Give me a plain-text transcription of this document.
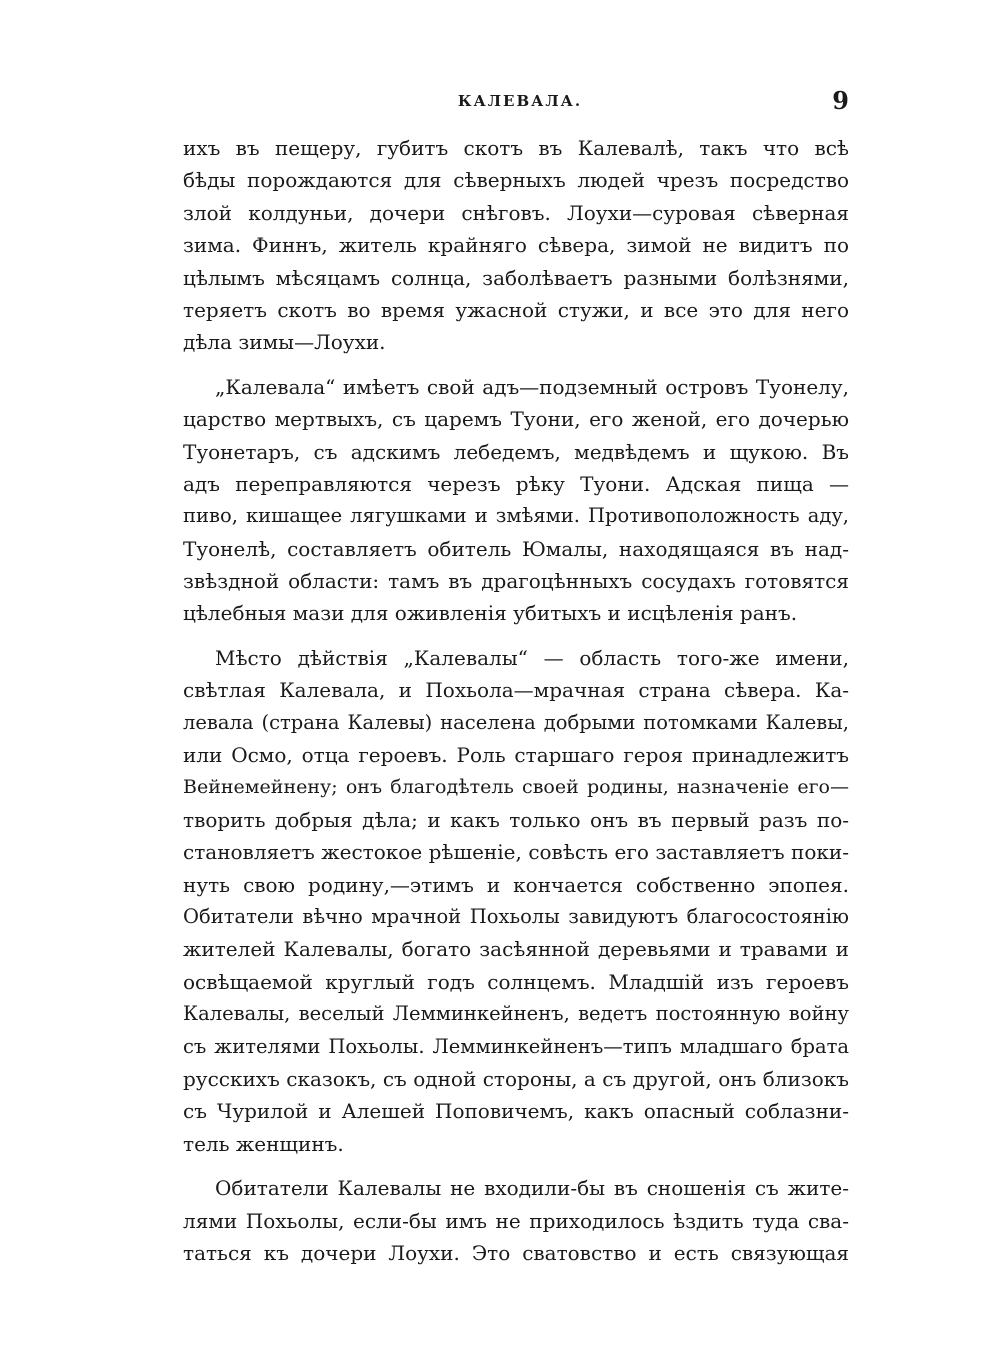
КАЛЕВАЛА.	9
ихъ въ пещеру, губитъ скотъ въ Калевалѣ, такъ что всѣ
бѣды порождаются для сѣверныхъ людей чрезъ посредство
злой колдуньи, дочери снѣговъ. Лоухи—суровая сѣверная
зима. Финнъ, житель крайняго сѣвера, зимой не видитъ по
цѣлымъ мѣсяцамъ солнца, заболѣваетъ разными болѣзнями,
теряетъ скотъ во время ужасной стужи, и все это для него
дѣла зимы—Лоухи.
„Калевала“ имѣетъ свой адъ—подземный островъ Туонелу,
царство мертвыхъ, съ царемъ Туони, его женой, его дочерью
Туонетаръ, съ адскимъ лебедемъ, медвѣдемъ и щукою. Въ
адъ переправляются черезъ рѣку Туони. Адская пища —
пиво, кишащее лягушками и змѣями. Противоположность аду,
Туонелѣ, составляетъ обитель Юмалы, находящаяся въ над-
звѣздной области: тамъ въ драгоцѣнныхъ сосудахъ готовятся
цѣлебныя мази для оживленія убитыхъ и исцѣленія ранъ.
Мѣсто дѣйствія „Калевалы“ — область того-же имени,
свѣтлая Калевала, и Похьола—мрачная страна сѣвера. Ка-
левала (страна Калевы) населена добрыми потомками Калевы,
или Осмо, отца героевъ. Роль старшаго героя принадлежитъ
Вейнемейнену; онъ благодѣтель своей родины, назначеніе его—
творить добрыя дѣла; и какъ только онъ въ первый разъ по-
становляетъ жестокое рѣшеніе, совѣсть его заставляетъ поки-
нуть свою родину,—этимъ и кончается собственно эпопея.
Обитатели вѣчно мрачной Похьолы завидуютъ благосостоянію
жителей Калевалы, богато засѣянной деревьями и травами и
освѣщаемой круглый годъ солнцемъ. Младшій изъ героевъ
Калевалы, веселый Лемминкейненъ, ведетъ постоянную войну
съ жителями Похьолы. Лемминкейненъ—типъ младшаго брата
русскихъ сказокъ, съ одной стороны, а съ другой, онъ близокъ
съ Чурилой и Алешей Поповичемъ, какъ опасный соблазни-
тель женщинъ.
Обитатели Калевалы не входили-бы въ сношенія съ жите-
лями Похьолы, если-бы имъ не приходилось ѣздить туда сва-
таться къ дочери Лоухи. Это сватовство и есть связующая
